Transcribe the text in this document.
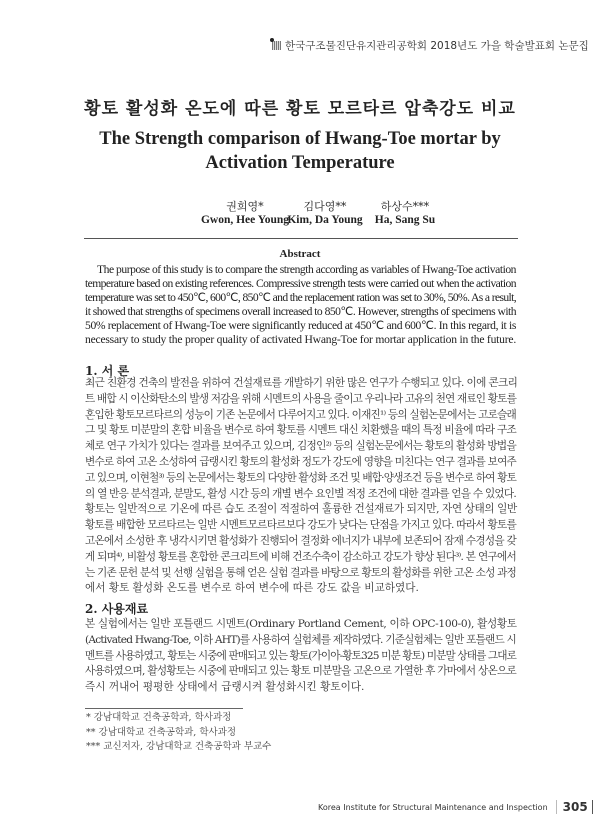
한국구조물진단유지관리공학회 2018년도 가을 학술발표회 논문집
황토 활성화 온도에 따른 황토 모르타르 압축강도 비교
The Strength comparison of Hwang-Toe mortar by Activation Temperature
권희영*
Gwon, Hee Young
김다영**
Kim, Da Young
하상수***
Ha, Sang Su
Abstract
The purpose of this study is to compare the strength according as variables of Hwang-Toe activation
temperature based on existing references. Compressive strength tests were carried out when the activation
temperature was set to 450℃, 600℃, 850℃ and the replacement ration was set to 30%, 50%. As a result,
it showed that strengths of specimens overall increased to 850℃. However, strengths of specimens with
50% replacement of Hwang-Toe were significantly reduced at 450℃ and 600℃. In this regard, it is
necessary to study the proper quality of activated Hwang-Toe for mortar application in the future.
1. 서 론
최근 친환경 건축의 발전을 위하여 건설재료를 개발하기 위한 많은 연구가 수행되고 있다. 이에 콘크리
트 배합 시 이산화탄소의 발생 저감을 위해 시멘트의 사용을 줄이고 우리나라 고유의 천연 재료인 황토를
혼입한 황토모르타르의 성능이 기존 논문에서 다루어지고 있다. 이재진¹⁾ 등의 실험논문에서는 고로슬래
그 및 황토 미분말의 혼합 비율을 변수로 하여 황토를 시멘트 대신 치환했을 때의 특정 비율에 따라 구조
체로 연구 가치가 있다는 결과를 보여주고 있으며, 김정인²⁾ 등의 실험논문에서는 황토의 활성화 방법을
변수로 하여 고온 소성하여 급랭시킨 황토의 활성화 정도가 강도에 영향을 미친다는 연구 결과를 보여주
고 있으며, 이현철³⁾ 등의 논문에서는 황토의 다양한 활성화 조건 및 배합·양생조건 등을 변수로 하여 황토
의 열 반응 분석결과, 분말도, 활성 시간 등의 개별 변수 요인별 적정 조건에 대한 결과를 얻을 수 있었다.
황토는 일반적으로 기온에 따른 습도 조절이 적절하여 훌륭한 건설재료가 되지만, 자연 상태의 일반
황토를 배합한 모르타르는 일반 시멘트모르타르보다 강도가 낮다는 단점을 가지고 있다. 따라서 황토를
고온에서 소성한 후 냉각시키면 활성화가 진행되어 결정화 에너지가 내부에 보존되어 잠재 수경성을 갖
게 되며⁴⁾, 비활성 황토를 혼합한 콘크리트에 비해 건조수축이 감소하고 강도가 향상 된다³⁾. 본 연구에서
는 기존 문헌 분석 및 선행 실험을 통해 얻은 실험 결과를 바탕으로 황토의 활성화를 위한 고온 소성 과정
에서 황토 활성화 온도를 변수로 하여 변수에 따른 강도 값을 비교하였다.
2. 사용재료
본 실험에서는 일반 포틀랜드 시멘트(Ordinary Portland Cement, 이하 OPC-100-0), 활성황토
(Activated Hwang-Toe, 이하 AHT)를 사용하여 실험체를 제작하였다. 기준실험체는 일반 포틀랜드 시
멘트를 사용하였고, 황토는 시중에 판매되고 있는 황토(가이아-황토325 미분 황토) 미분말 상태를 그대로
사용하였으며, 활성황토는 시중에 판매되고 있는 황토 미분말을 고온으로 가열한 후 가마에서 상온으로
즉시 꺼내어 평평한 상태에서 급랭시켜 활성화시킨 황토이다.
* 강남대학교 건축공학과, 학사과정
** 강남대학교 건축공학과, 학사과정
*** 교신저자, 강남대학교 건축공학과 부교수
Korea Institute for Structural Maintenance and Inspection	305
